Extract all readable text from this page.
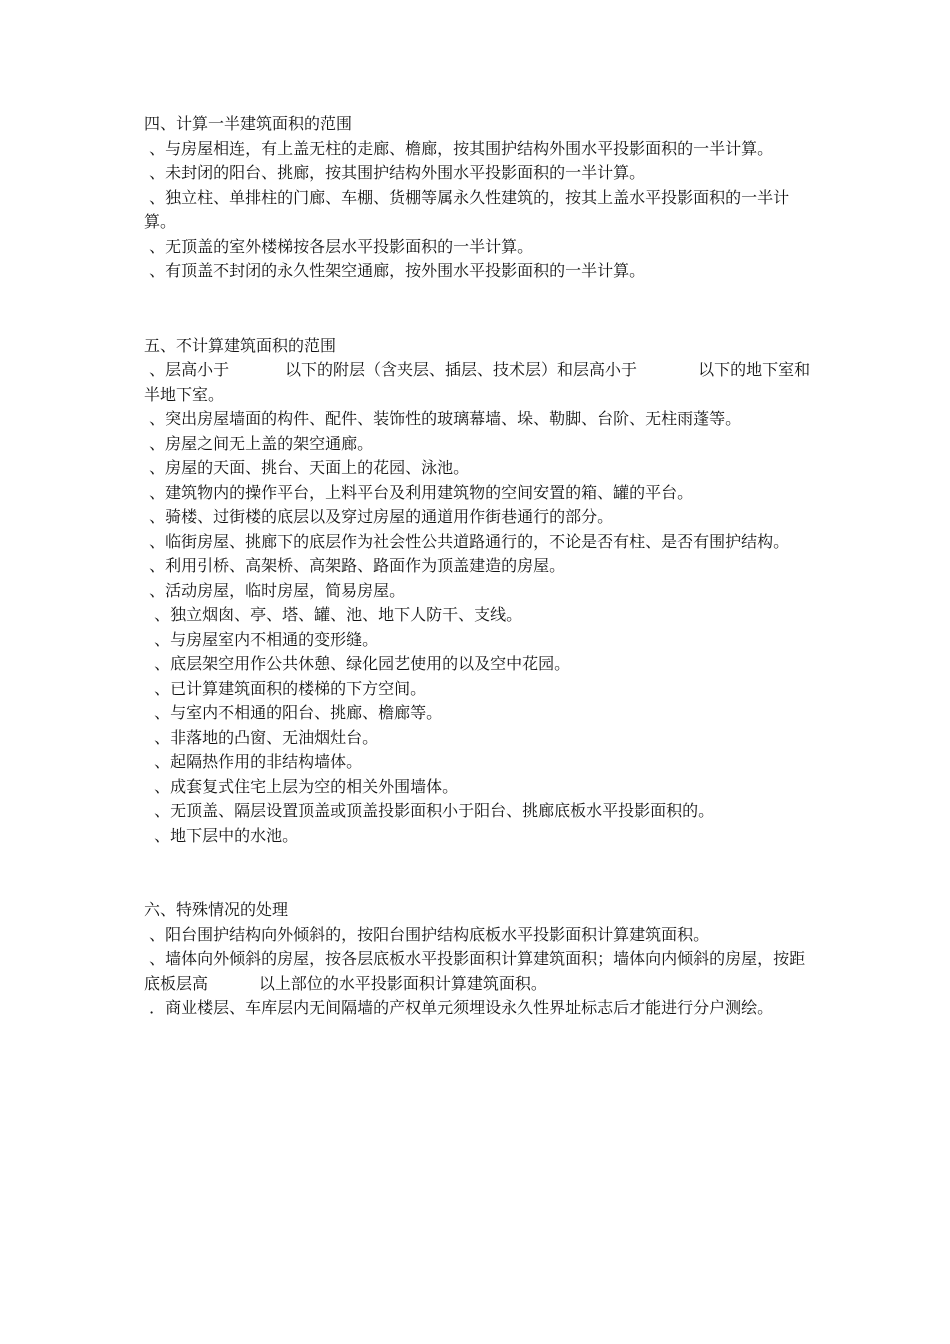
四、计算一半建筑面积的范围

、与房屋相连，有上盖无柱的走廊、檐廊，按其围护结构外围水平投影面积的一半计算。

、未封闭的阳台、挑廊，按其围护结构外围水平投影面积的一半计算。

、独立柱、单排柱的门廊、车棚、货棚等属永久性建筑的，按其上盖水平投影面积的一半计算。

、无顶盖的室外楼梯按各层水平投影面积的一半计算。

、有顶盖不封闭的永久性架空通廊，按外围水平投影面积的一半计算。

五、不计算建筑面积的范围

、层高小于           以下的附层（含夹层、插层、技术层）和层高小于            以下的地下室和半地下室。

、突出房屋墙面的构件、配件、装饰性的玻璃幕墙、垛、勒脚、台阶、无柱雨蓬等。

、房屋之间无上盖的架空通廊。

、房屋的天面、挑台、天面上的花园、泳池。

、建筑物内的操作平台，上料平台及利用建筑物的空间安置的箱、罐的平台。

、骑楼、过街楼的底层以及穿过房屋的通道用作街巷通行的部分。

、临街房屋、挑廊下的底层作为社会性公共道路通行的，不论是否有柱、是否有围护结构。

、利用引桥、高架桥、高架路、路面作为顶盖建造的房屋。

、活动房屋，临时房屋，简易房屋。

、独立烟囱、亭、塔、罐、池、地下人防干、支线。

、与房屋室内不相通的变形缝。

、底层架空用作公共休憩、绿化园艺使用的以及空中花园。

、已计算建筑面积的楼梯的下方空间。

、与室内不相通的阳台、挑廊、檐廊等。

、非落地的凸窗、无油烟灶台。

、起隔热作用的非结构墙体。

、成套复式住宅上层为空的相关外围墙体。

、无顶盖、隔层设置顶盖或顶盖投影面积小于阳台、挑廊底板水平投影面积的。

、地下层中的水池。

六、特殊情况的处理

、阳台围护结构向外倾斜的，按阳台围护结构底板水平投影面积计算建筑面积。

、墙体向外倾斜的房屋，按各层底板水平投影面积计算建筑面积；墙体向内倾斜的房屋，按距底板层高          以上部位的水平投影面积计算建筑面积。

．商业楼层、车库层内无间隔墙的产权单元须埋设永久性界址标志后才能进行分户测绘。
